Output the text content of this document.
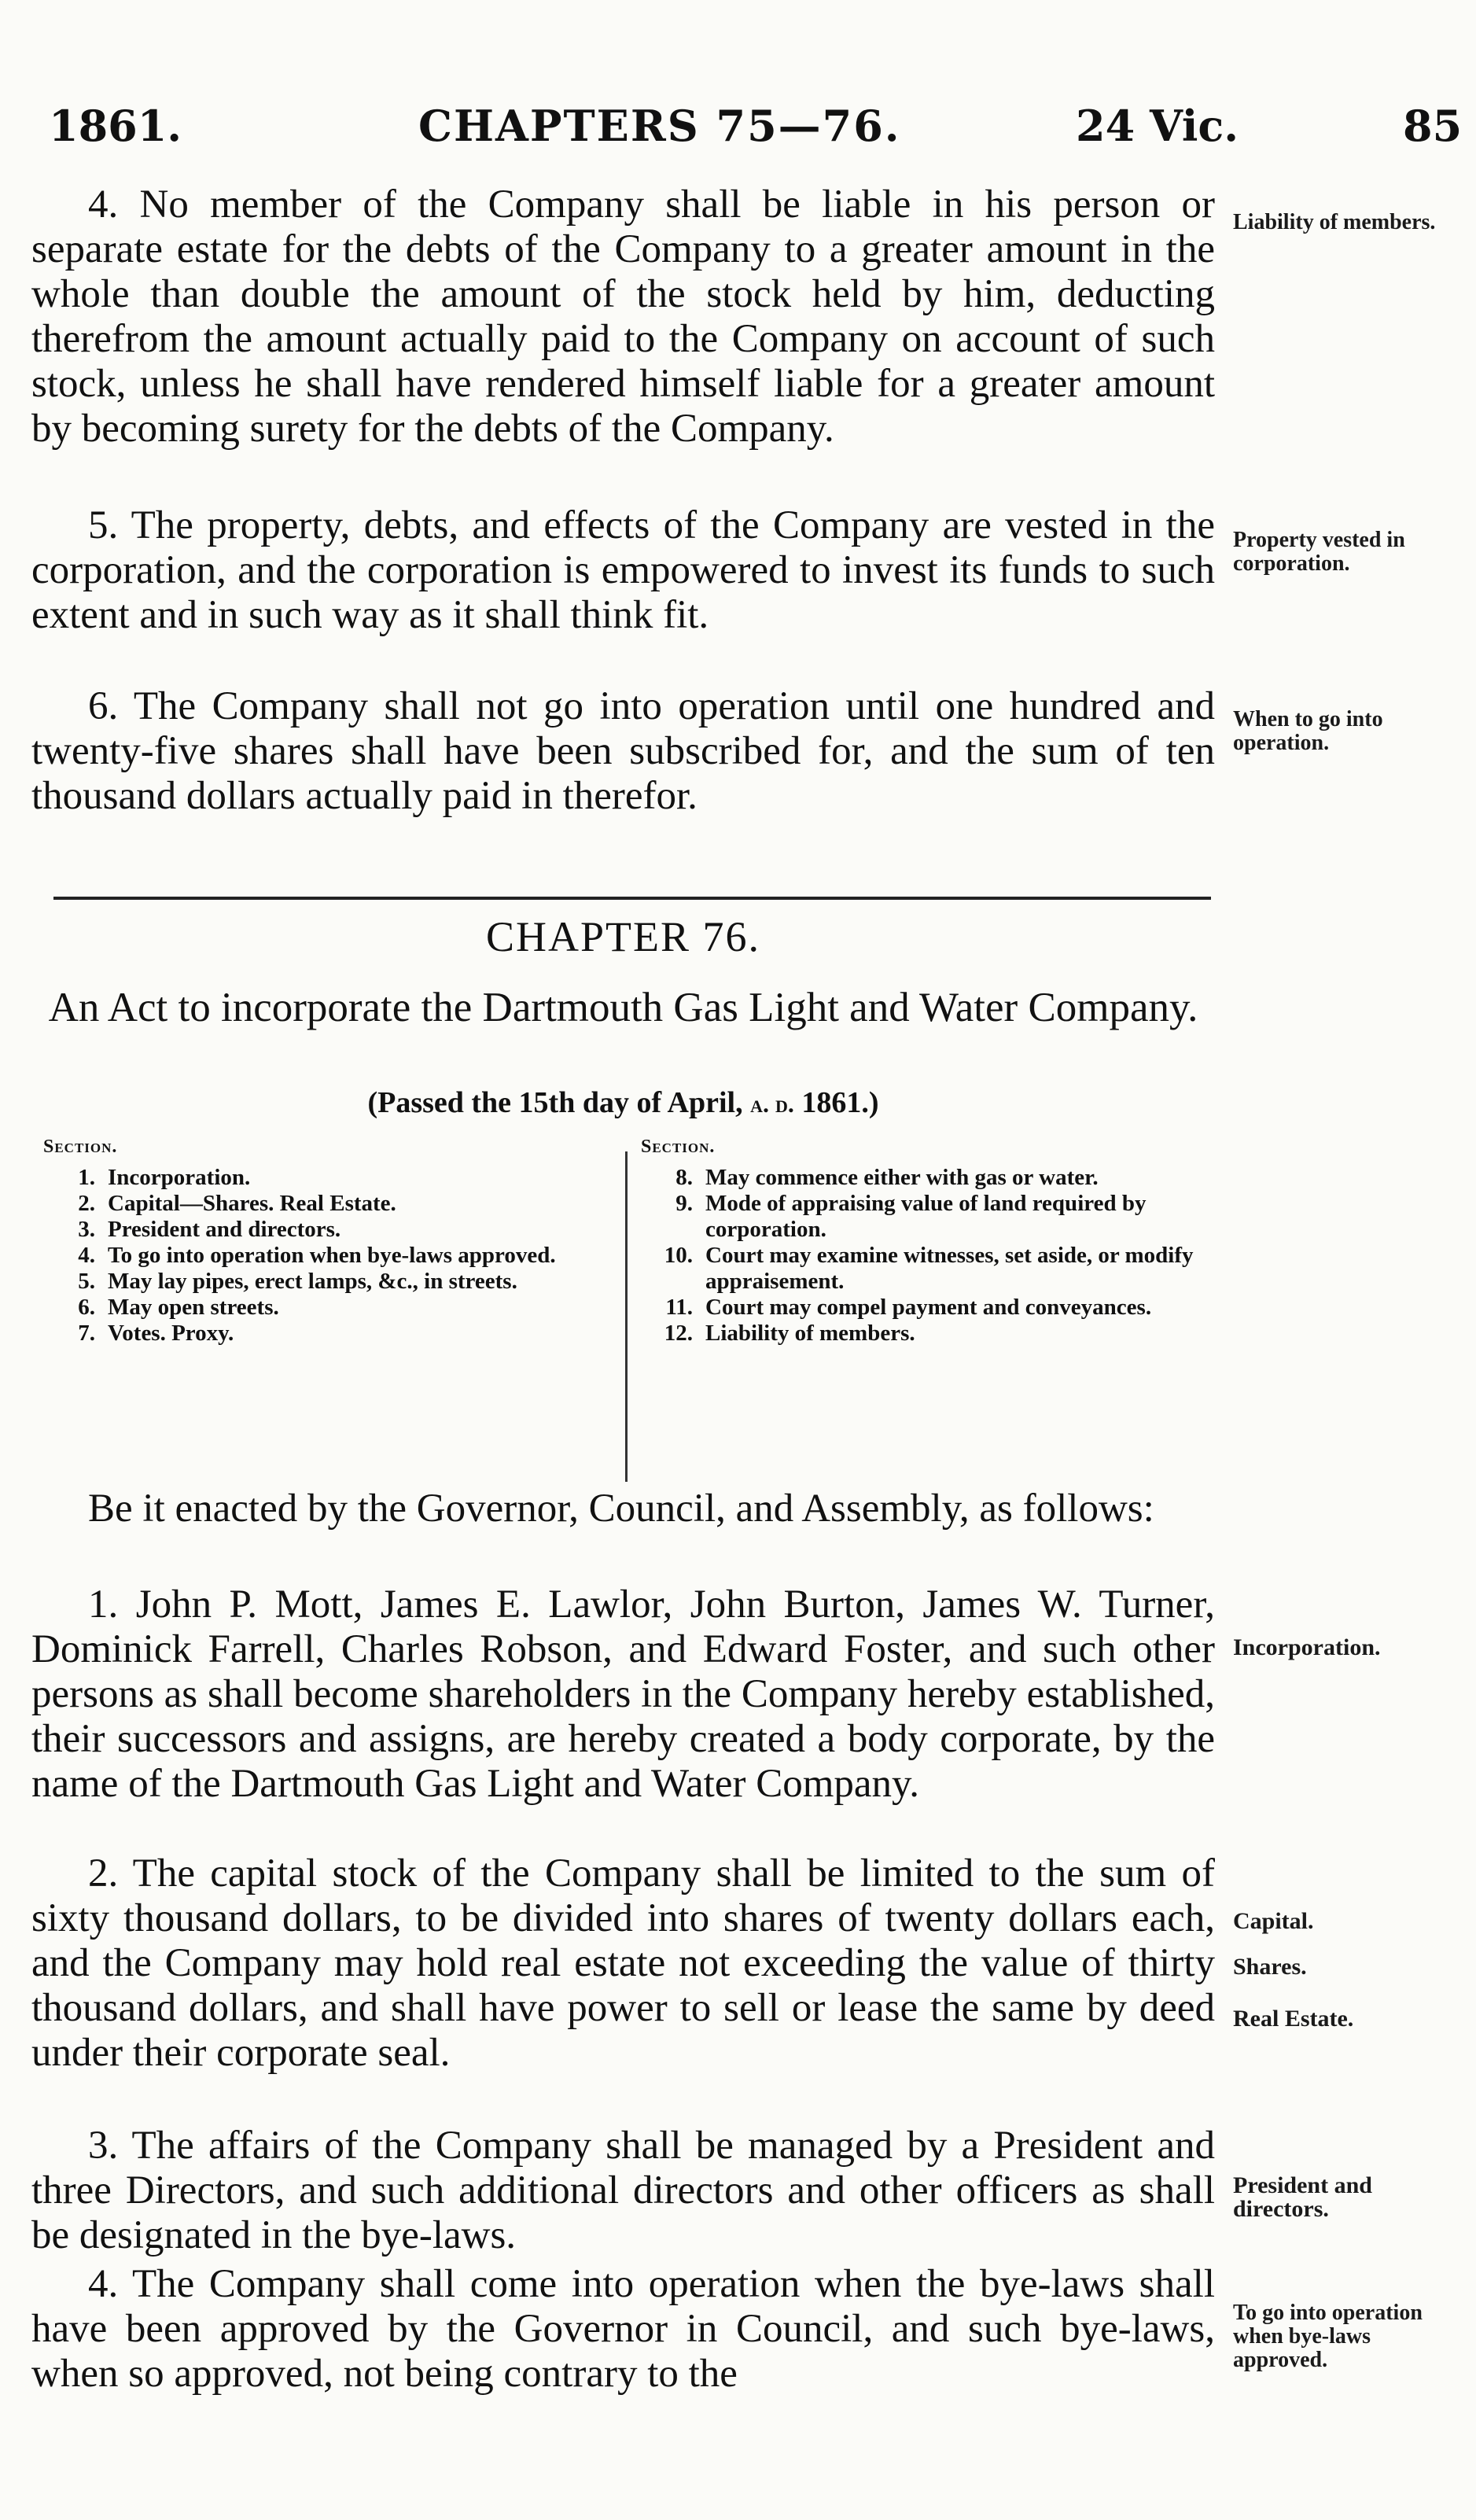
1861.	CHAPTERS 75—76.	24 Vic.	85

4. No member of the Company shall be liable in his person or separate estate for the debts of the Company to a greater amount in the whole than double the amount of the stock held by him, deducting therefrom the amount actually paid to the Company on account of such stock, unless he shall have rendered himself liable for a greater amount by becoming surety for the debts of the Company.

Liability of members.

5. The property, debts, and effects of the Company are vested in the corporation, and the corporation is empowered to invest its funds to such extent and in such way as it shall think fit.

Property vested in corporation.

6. The Company shall not go into operation until one hundred and twenty-five shares shall have been subscribed for, and the sum of ten thousand dollars actually paid in therefor.

When to go into operation.
CHAPTER 76.
An Act to incorporate the Dartmouth Gas Light and Water Company.
(Passed the 15th day of April, a. d. 1861.)
Section.
1. Incorporation.
2. Capital—Shares. Real Estate.
3. President and directors.
4. To go into operation when bye-laws approved.
5. May lay pipes, erect lamps, &c., in streets.
6. May open streets.
7. Votes. Proxy.
Section.
8. May commence either with gas or water.
9. Mode of appraising value of land required by corporation.
10. Court may examine witnesses, set aside, or modify appraisement.
11. Court may compel payment and conveyances.
12. Liability of members.

Be it enacted by the Governor, Council, and Assembly, as follows:

1. John P. Mott, James E. Lawlor, John Burton, James W. Turner, Dominick Farrell, Charles Robson, and Edward Foster, and such other persons as shall become shareholders in the Company hereby established, their successors and assigns, are hereby created a body corporate, by the name of the Dartmouth Gas Light and Water Company.

Incorporation.

2. The capital stock of the Company shall be limited to the sum of sixty thousand dollars, to be divided into shares of twenty dollars each, and the Company may hold real estate not exceeding the value of thirty thousand dollars, and shall have power to sell or lease the same by deed under their corporate seal.

Capital.
Shares.
Real Estate.

3. The affairs of the Company shall be managed by a President and three Directors, and such additional directors and other officers as shall be designated in the bye-laws.

President and directors.

4. The Company shall come into operation when the bye-laws shall have been approved by the Governor in Council, and such bye-laws, when so approved, not being contrary to the

To go into operation when bye-laws approved.
